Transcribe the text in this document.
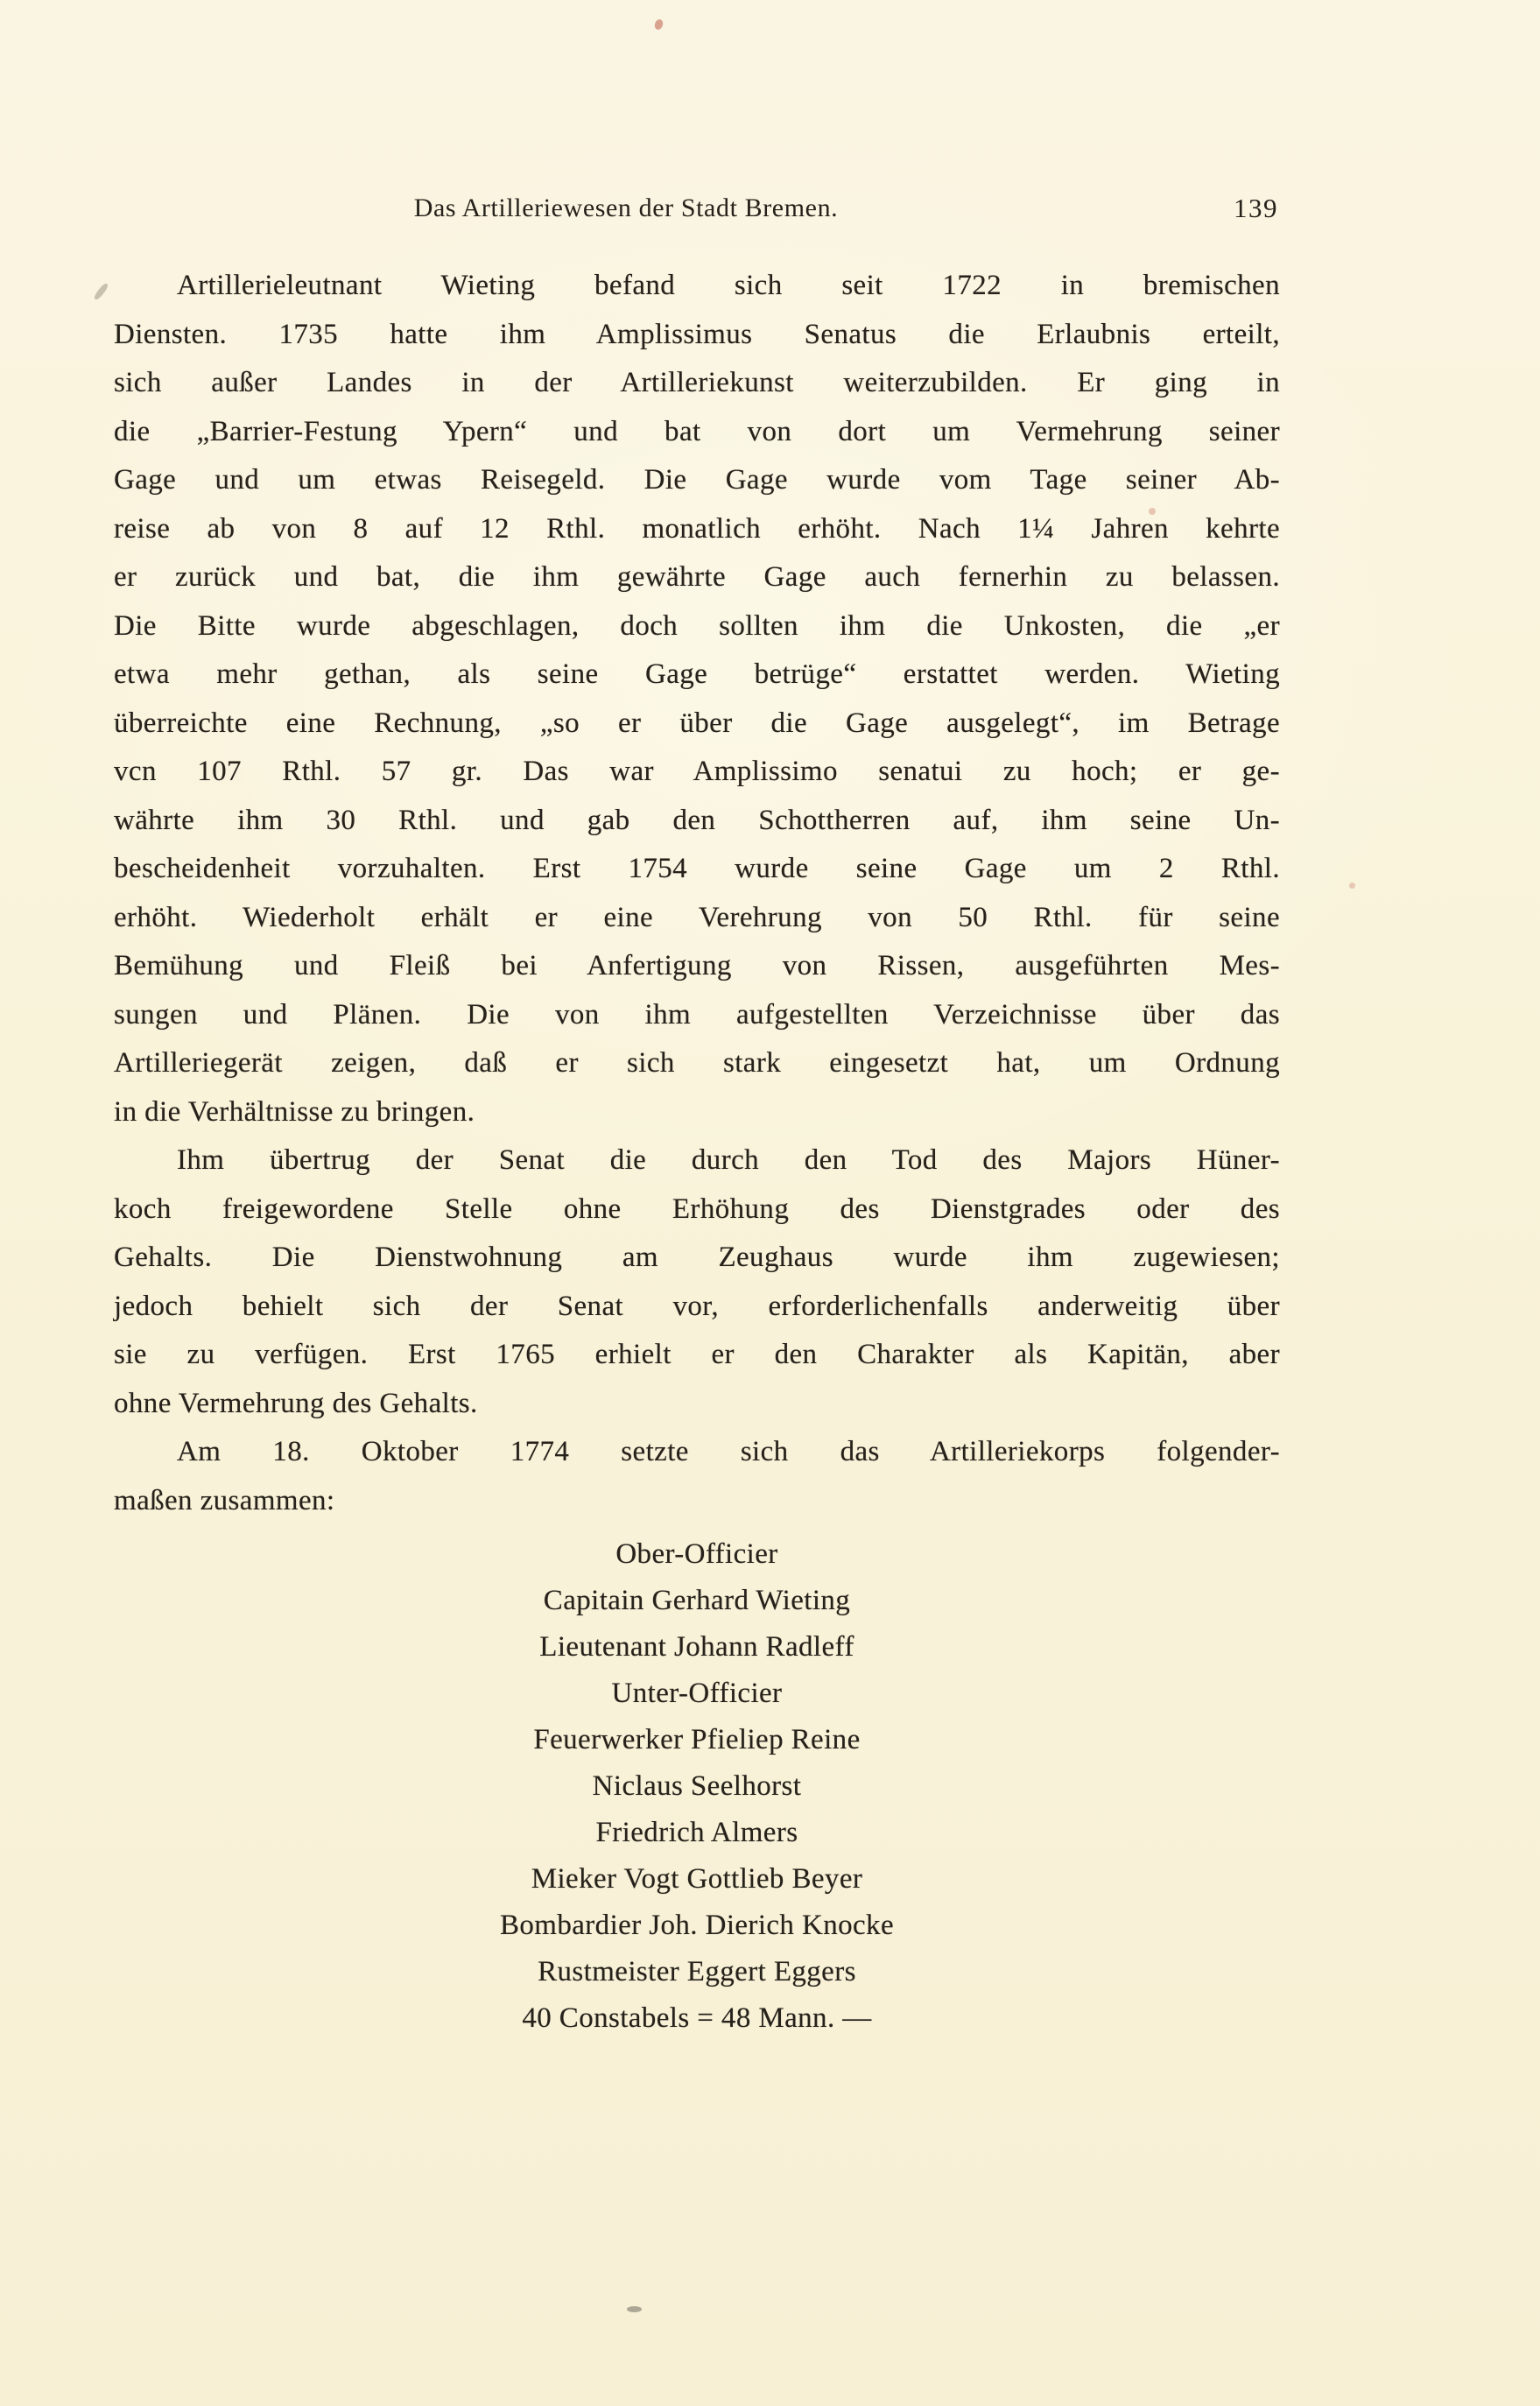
Das Artilleriewesen der Stadt Bremen.	139
Artillerieleutnant Wieting befand sich seit 1722 in bremischen
Diensten. 1735 hatte ihm Amplissimus Senatus die Erlaubnis erteilt,
sich außer Landes in der Artilleriekunst weiterzubilden. Er ging in
die „Barrier-Festung Ypern“ und bat von dort um Vermehrung seiner
Gage und um etwas Reisegeld. Die Gage wurde vom Tage seiner Ab-
reise ab von 8 auf 12 Rthl. monatlich erhöht. Nach 1¼ Jahren kehrte
er zurück und bat, die ihm gewährte Gage auch fernerhin zu belassen.
Die Bitte wurde abgeschlagen, doch sollten ihm die Unkosten, die „er
etwa mehr gethan, als seine Gage betrüge“ erstattet werden. Wieting
überreichte eine Rechnung, „so er über die Gage ausgelegt“, im Betrage
vcn 107 Rthl. 57 gr. Das war Amplissimo senatui zu hoch; er ge-
währte ihm 30 Rthl. und gab den Schottherren auf, ihm seine Un-
bescheidenheit vorzuhalten. Erst 1754 wurde seine Gage um 2 Rthl.
erhöht. Wiederholt erhält er eine Verehrung von 50 Rthl. für seine
Bemühung und Fleiß bei Anfertigung von Rissen, ausgeführten Mes-
sungen und Plänen. Die von ihm aufgestellten Verzeichnisse über das
Artilleriegerät zeigen, daß er sich stark eingesetzt hat, um Ordnung
in die Verhältnisse zu bringen.
Ihm übertrug der Senat die durch den Tod des Majors Hüner-
koch freigewordene Stelle ohne Erhöhung des Dienstgrades oder des
Gehalts. Die Dienstwohnung am Zeughaus wurde ihm zugewiesen;
jedoch behielt sich der Senat vor, erforderlichenfalls anderweitig über
sie zu verfügen. Erst 1765 erhielt er den Charakter als Kapitän, aber
ohne Vermehrung des Gehalts.
Am 18. Oktober 1774 setzte sich das Artilleriekorps folgender-
maßen zusammen:
Ober-Officier
Capitain Gerhard Wieting
Lieutenant Johann Radleff
Unter-Officier
Feuerwerker Pfieliep Reine
Niclaus Seelhorst
Friedrich Almers
Mieker Vogt Gottlieb Beyer
Bombardier Joh. Dierich Knocke
Rustmeister Eggert Eggers
40 Constabels = 48 Mann. —
